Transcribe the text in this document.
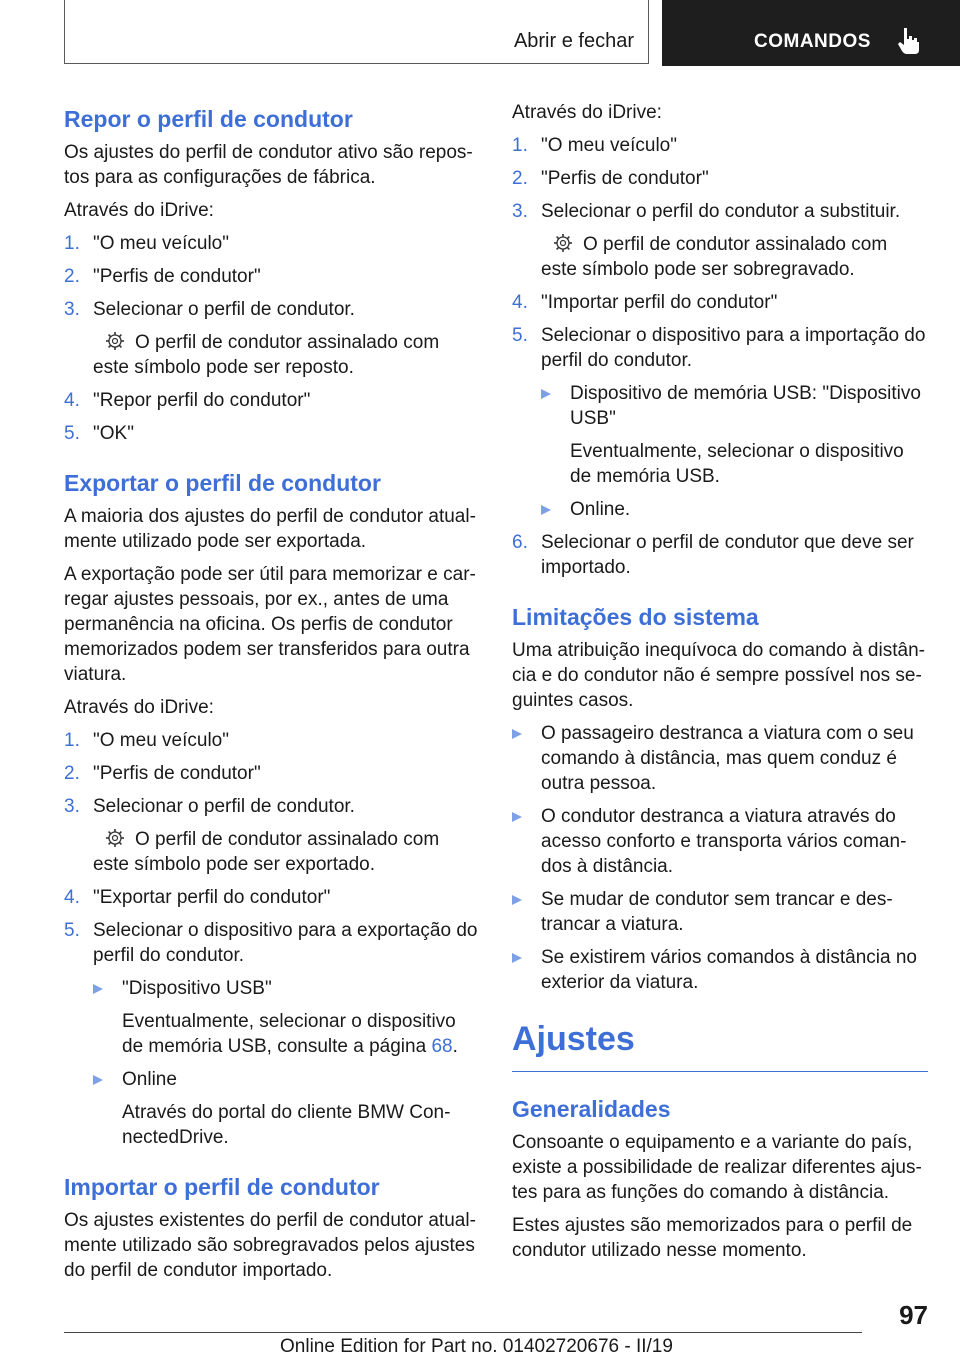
Abrir e fechar	COMANDOS
Repor o perfil de condutor

Os ajustes do perfil de condutor ativo são repos-tos para as configurações de fábrica.

Através do iDrive:

1. "O meu veículo"
2. "Perfis de condutor"
3. Selecionar o perfil de condutor.
O perfil de condutor assinalado com este símbolo pode ser reposto.
4. "Repor perfil do condutor"
5. "OK"
Exportar o perfil de condutor

A maioria dos ajustes do perfil de condutor atual-mente utilizado pode ser exportada.

A exportação pode ser útil para memorizar e car-regar ajustes pessoais, por ex., antes de uma permanência na oficina. Os perfis de condutor memorizados podem ser transferidos para outra viatura.

Através do iDrive:

1. "O meu veículo"
2. "Perfis de condutor"
3. Selecionar o perfil de condutor.
O perfil de condutor assinalado com este símbolo pode ser exportado.
4. "Exportar perfil do condutor"
5. Selecionar o dispositivo para a exportação do perfil do condutor.
"Dispositivo USB"

Eventualmente, selecionar o dispositivo de memória USB, consulte a página 68.

Online

Através do portal do cliente BMW Con-nectedDrive.

Importar o perfil de condutor

Os ajustes existentes do perfil de condutor atual-mente utilizado são sobregravados pelos ajustes do perfil de condutor importado.

Através do iDrive:

1. "O meu veículo"
2. "Perfis de condutor"
3. Selecionar o perfil do condutor a substituir.
O perfil de condutor assinalado com este símbolo pode ser sobregravado.
4. "Importar perfil do condutor"
5. Selecionar o dispositivo para a importação do perfil do condutor.
Dispositivo de memória USB: "Dispositivo USB"

Eventualmente, selecionar o dispositivo de memória USB.

Online.
6. Selecionar o perfil de condutor que deve ser importado.
Limitações do sistema

Uma atribuição inequívoca do comando à distân-cia e do condutor não é sempre possível nos se-guintes casos.

O passageiro destranca a viatura com o seu comando à distância, mas quem conduz é outra pessoa.
O condutor destranca a viatura através do acesso conforto e transporta vários coman-dos à distância.
Se mudar de condutor sem trancar e des-trancar a viatura.
Se existirem vários comandos à distância no exterior da viatura.
Ajustes
Generalidades

Consoante o equipamento e a variante do país, existe a possibilidade de realizar diferentes ajus-tes para as funções do comando à distância.

Estes ajustes são memorizados para o perfil de condutor utilizado nesse momento.

97
Online Edition for Part no. 01402720676 - II/19
